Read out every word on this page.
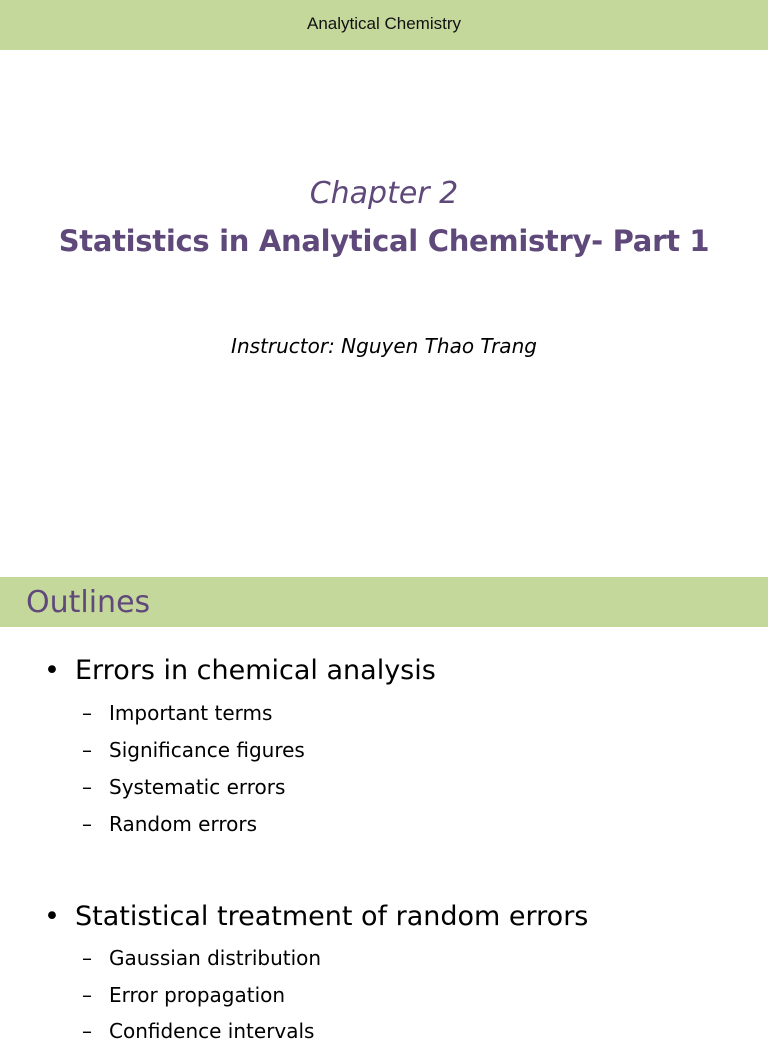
Analytical Chemistry
Chapter 2
Statistics in Analytical Chemistry- Part 1
Instructor: Nguyen Thao Trang
Outlines
• Errors in chemical analysis
– Important terms
– Significance figures
– Systematic errors
– Random errors
• Statistical treatment of random errors
– Gaussian distribution
– Error propagation
– Confidence intervals
